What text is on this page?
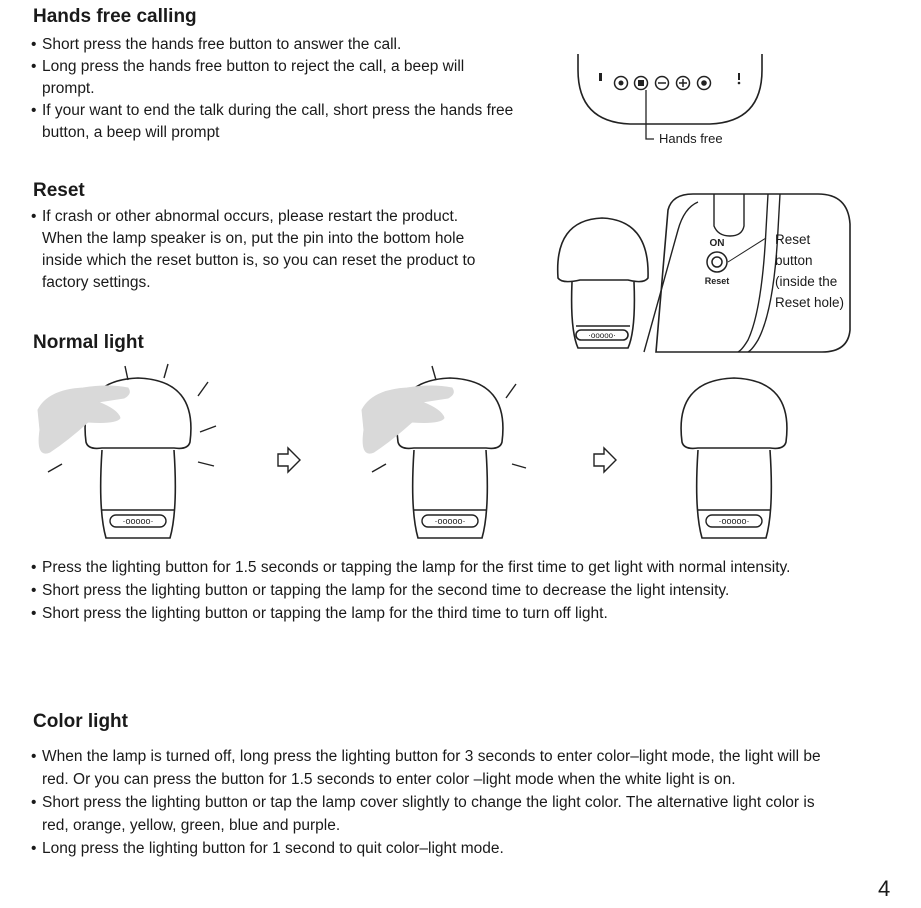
Hands free calling
• Short press the hands free button to answer the call.
• Long press the hands free button to reject the call, a beep will prompt.
• If your want to end the talk during the call, short press the hands free button, a beep will prompt	Hands free
Reset
• If crash or other abnormal occurs, please restart the product. When the lamp speaker is on, put the pin into the bottom hole inside which the reset button is, so you can reset the product to factory settings.
·ooooo·
ON
Reset
Reset button (inside the Reset hole)
Normal light
·ooooo·
• Press the lighting button for 1.5 seconds or tapping the lamp for the first time to get light with normal intensity.
• Short press the lighting button or tapping the lamp for the second time to decrease the light intensity.
• Short press the lighting button or tapping the lamp for the third time to turn off light.
Color light
• When the lamp is turned off, long press the lighting button for 3 seconds to enter color–light mode, the light will be red. Or you can press the button for 1.5 seconds to enter color –light mode when the white light is on.
• Short press the lighting button or tap the lamp cover slightly to change the light color. The alternative light color is red, orange, yellow, green, blue and purple.
• Long press the lighting button for 1 second to quit color–light mode.
4
